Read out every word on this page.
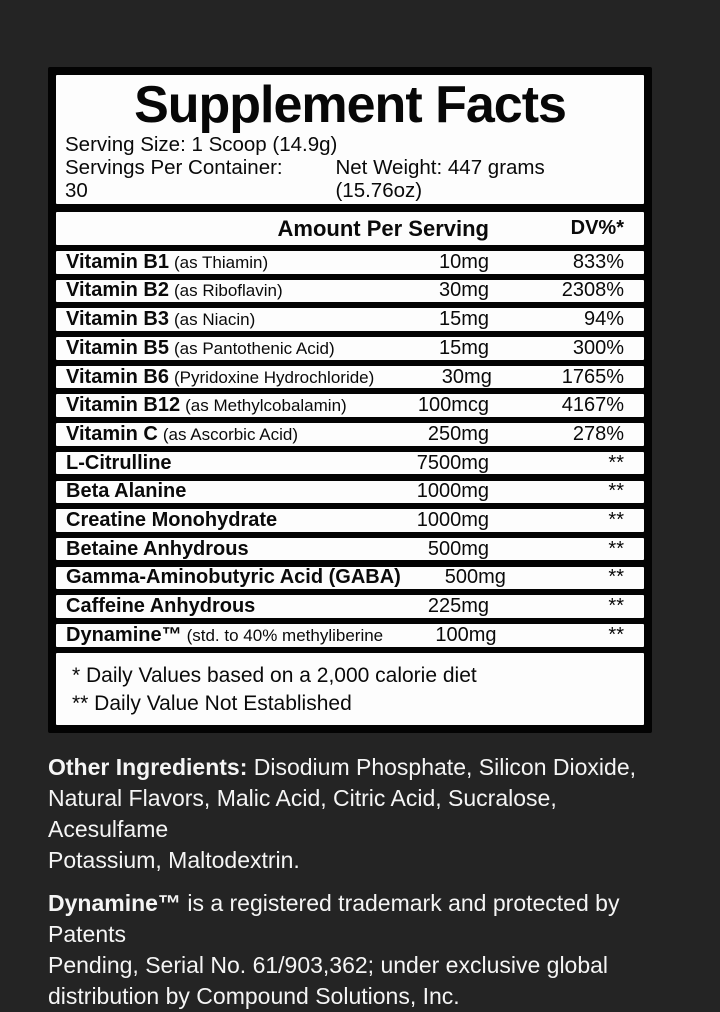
Supplement Facts
Serving Size: 1 Scoop (14.9g)
Servings Per Container: 30
Net Weight: 447 grams (15.76oz)
Amount Per Serving	DV%*
Vitamin B1 (as Thiamin)	10mg	833%
Vitamin B2 (as Riboflavin)	30mg	2308%
Vitamin B3 (as Niacin)	15mg	94%
Vitamin B5 (as Pantothenic Acid)	15mg	300%
Vitamin B6 (Pyridoxine Hydrochloride)	30mg	1765%
Vitamin B12 (as Methylcobalamin)	100mcg	4167%
Vitamin C (as Ascorbic Acid)	250mg	278%
L-Citrulline	7500mg	**
Beta Alanine	1000mg	**
Creatine Monohydrate	1000mg	**
Betaine Anhydrous	500mg	**
Gamma-Aminobutyric Acid (GABA)	500mg	**
Caffeine Anhydrous	225mg	**
Dynamine™ (std. to 40% methyliberine	100mg	**
* Daily Values based on a 2,000 calorie diet
** Daily Value Not Established

Other Ingredients: Disodium Phosphate, Silicon Dioxide,
Natural Flavors, Malic Acid, Citric Acid, Sucralose, Acesulfame
Potassium, Maltodextrin.

Dynamine™ is a registered trademark and protected by Patents
Pending, Serial No. 61/903,362; under exclusive global
distribution by Compound Solutions, Inc.
